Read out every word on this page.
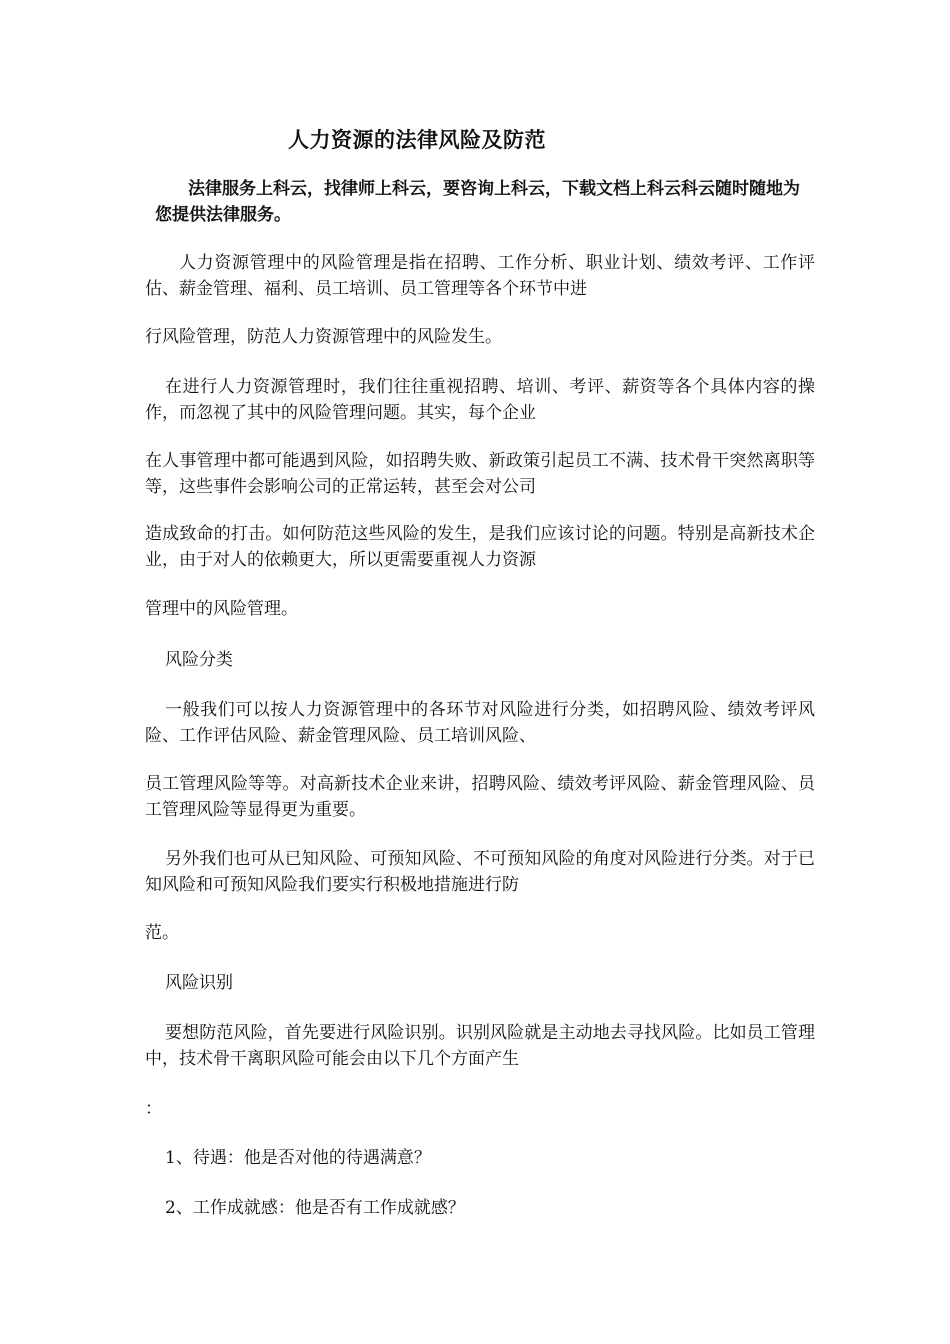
人力资源的法律风险及防范

法律服务上科云，找律师上科云，要咨询上科云，下载文档上科云科云随时随地为您提供法律服务。

人力资源管理中的风险管理是指在招聘、工作分析、职业计划、绩效考评、工作评估、薪金管理、福利、员工培训、员工管理等各个环节中进

行风险管理，防范人力资源管理中的风险发生。

在进行人力资源管理时，我们往往重视招聘、培训、考评、薪资等各个具体内容的操作，而忽视了其中的风险管理问题。其实，每个企业

在人事管理中都可能遇到风险，如招聘失败、新政策引起员工不满、技术骨干突然离职等等，这些事件会影响公司的正常运转，甚至会对公司

造成致命的打击。如何防范这些风险的发生，是我们应该讨论的问题。特别是高新技术企业，由于对人的依赖更大，所以更需要重视人力资源

管理中的风险管理。

风险分类

一般我们可以按人力资源管理中的各环节对风险进行分类，如招聘风险、绩效考评风险、工作评估风险、薪金管理风险、员工培训风险、

员工管理风险等等。对高新技术企业来讲，招聘风险、绩效考评风险、薪金管理风险、员工管理风险等显得更为重要。

另外我们也可从已知风险、可预知风险、不可预知风险的角度对风险进行分类。对于已知风险和可预知风险我们要实行积极地措施进行防

范。

风险识别

要想防范风险，首先要进行风险识别。识别风险就是主动地去寻找风险。比如员工管理中，技术骨干离职风险可能会由以下几个方面产生

：

1、待遇：他是否对他的待遇满意？

2、工作成就感：他是否有工作成就感？
